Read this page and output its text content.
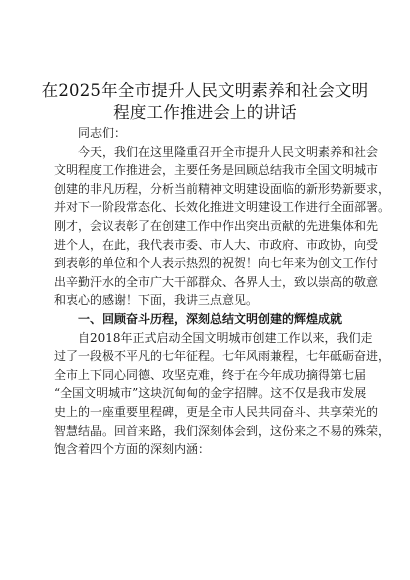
在2025年全市提升人民文明素养和社会文明
程度工作推进会上的讲话
同志们：
今天，我们在这里隆重召开全市提升人民文明素养和社会
文明程度工作推进会，主要任务是回顾总结我市全国文明城市
创建的非凡历程，分析当前精神文明建设面临的新形势新要求，
并对下一阶段常态化、长效化推进文明建设工作进行全面部署。
刚才，会议表彰了在创建工作中作出突出贡献的先进集体和先
进个人，在此，我代表市委、市人大、市政府、市政协，向受
到表彰的单位和个人表示热烈的祝贺！向七年来为创文工作付
出辛勤汗水的全市广大干部群众、各界人士，致以崇高的敬意
和衷心的感谢！下面，我讲三点意见。
一、回顾奋斗历程，深刻总结文明创建的辉煌成就
自2018年正式启动全国文明城市创建工作以来，我们走
过了一段极不平凡的七年征程。七年风雨兼程，七年砥砺奋进，
全市上下同心同德、攻坚克难，终于在今年成功摘得第七届
“全国文明城市”这块沉甸甸的金字招牌。这不仅是我市发展
史上的一座重要里程碑，更是全市人民共同奋斗、共享荣光的
智慧结晶。回首来路，我们深刻体会到，这份来之不易的殊荣，
饱含着四个方面的深刻内涵：
